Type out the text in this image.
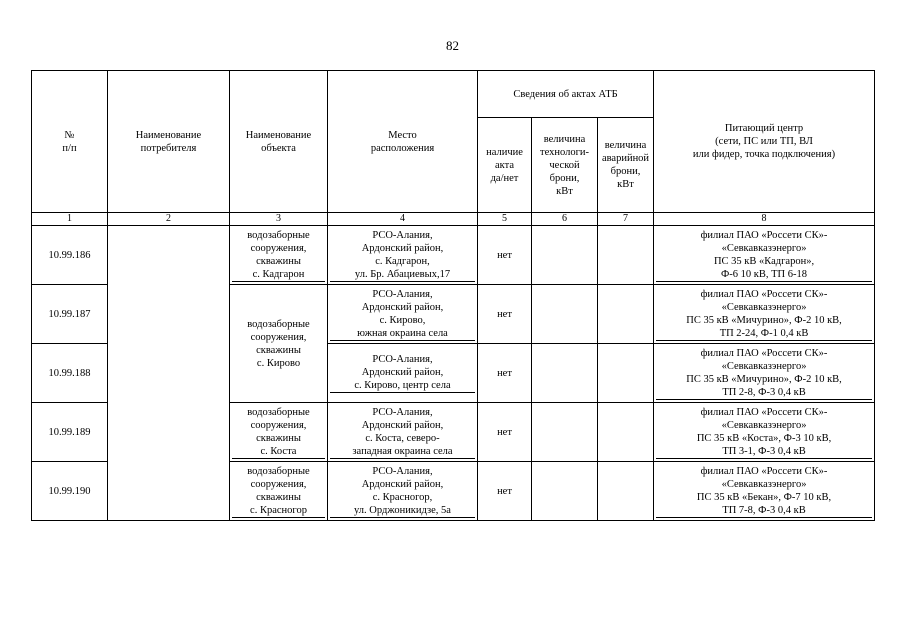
82
№
п/п	Наименование
потребителя	Наименование
объекта	Место
расположения	Сведения об актах АТБ			Питающий центр
(сети, ПС или ТП, ВЛ
или фидер, точка подключения)

				наличие
акта
да/нет	величина
технологи-
ческой
брони,
кВт	величина
аварийной
брони,
кВт	

1	2	3	4	5	6	7	8
10.99.186		водозаборные
сооружения,
скважины
с. Кадгарон	РСО-Алания,
Ардонский район,
с. Кадгарон,
ул. Бр. Абациевых,17	нет			филиал ПАО «Россети СК»-
«Севкавказэнерго»
ПС 35 кВ «Кадгарон»,
Ф-6 10 кВ, ТП 6-18

10.99.187		водозаборные
сооружения,
скважины
с. Кирово	РСО-Алания,
Ардонский район,
с. Кирово,
южная окраина села	нет			филиал ПАО «Россети СК»-
«Севкавказэнерго»
ПС 35 кВ «Мичурино», Ф-2 10 кВ,
ТП 2-24, Ф-1 0,4 кВ

10.99.188			РСО-Алания,
Ардонский район,
с. Кирово, центр села	нет			филиал ПАО «Россети СК»-
«Севкавказэнерго»
ПС 35 кВ «Мичурино», Ф-2 10 кВ,
ТП 2-8, Ф-3 0,4 кВ

10.99.189		водозаборные
сооружения,
скважины
с. Коста	РСО-Алания,
Ардонский район,
с. Коста, северо-
западная окраина села	нет			филиал ПАО «Россети СК»-
«Севкавказэнерго»
ПС 35 кВ «Коста», Ф-3 10 кВ,
ТП 3-1, Ф-3 0,4 кВ

10.99.190		водозаборные
сооружения,
скважины
с. Красногор	РСО-Алания,
Ардонский район,
с. Красногор,
ул. Орджоникидзе, 5а	нет			филиал ПАО «Россети СК»-
«Севкавказэнерго»
ПС 35 кВ «Бекан», Ф-7 10 кВ,
ТП 7-8, Ф-3 0,4 кВ
